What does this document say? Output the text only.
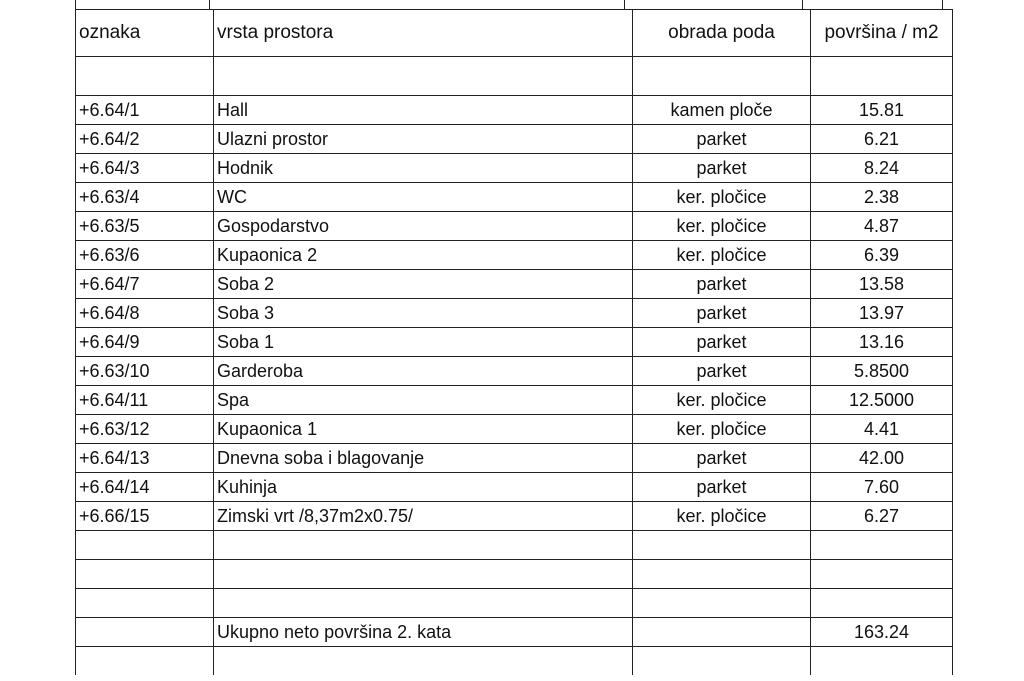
oznaka	vrsta prostora	obrada poda	površina / m2

+6.64/1	Hall	kamen ploče	15.81
+6.64/2	Ulazni prostor	parket	6.21
+6.64/3	Hodnik	parket	8.24
+6.63/4	WC	ker. pločice	2.38
+6.63/5	Gospodarstvo	ker. pločice	4.87
+6.63/6	Kupaonica 2	ker. pločice	6.39
+6.64/7	Soba 2	parket	13.58
+6.64/8	Soba 3	parket	13.97
+6.64/9	Soba 1	parket	13.16
+6.63/10	Garderoba	parket	5.8500
+6.64/11	Spa	ker. pločice	12.5000
+6.63/12	Kupaonica 1	ker. pločice	4.41
+6.64/13	Dnevna soba i blagovanje	parket	42.00
+6.64/14	Kuhinja	parket	7.60
+6.66/15	Zimski vrt /8,37m2x0.75/	ker. pločice	6.27

	Ukupno neto površina 2. kata		163.24
